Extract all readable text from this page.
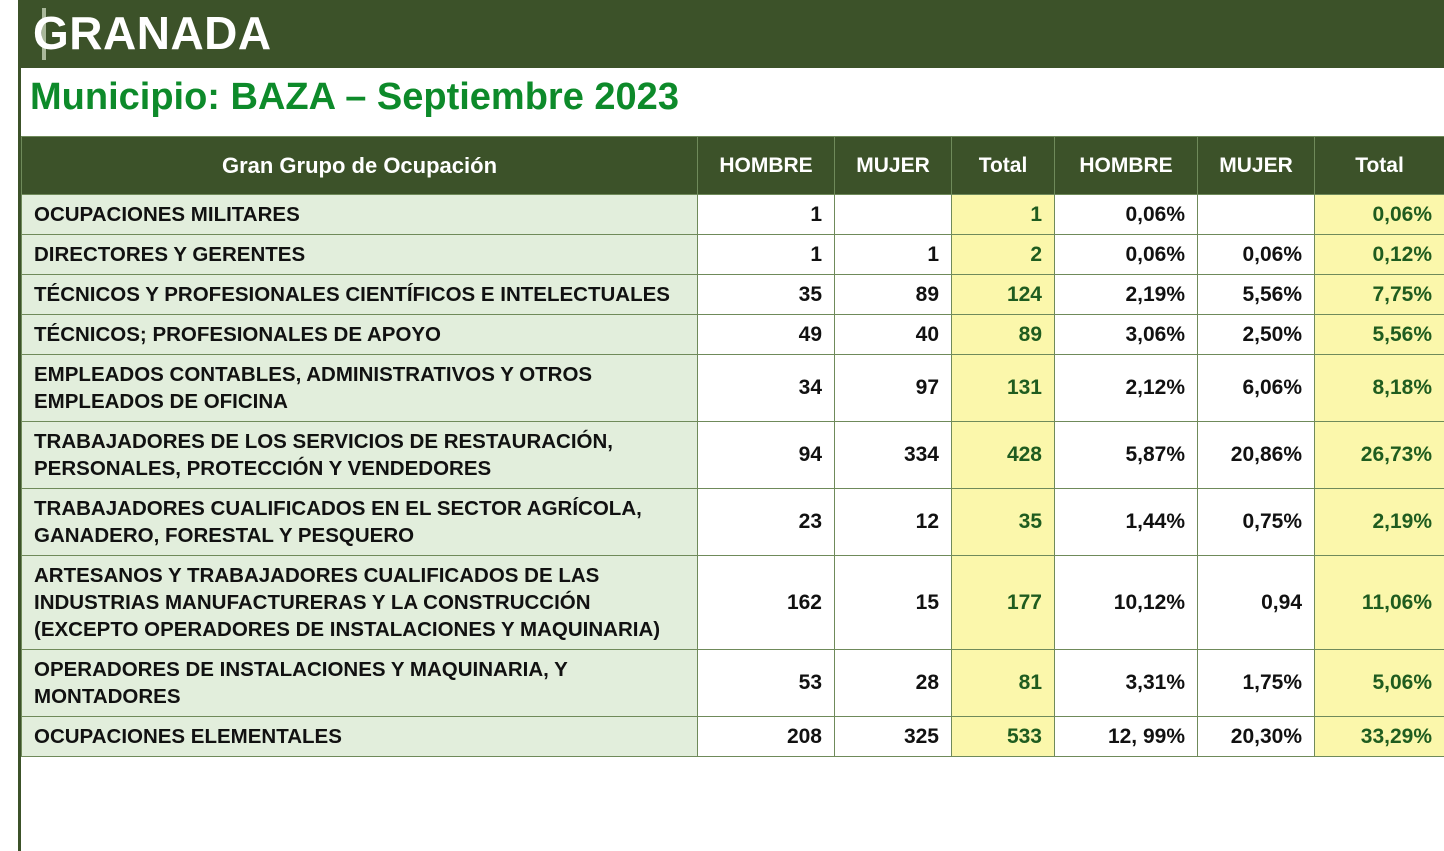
GRANADA
Municipio: BAZA – Septiembre 2023
Gran Grupo de Ocupación	HOMBRE	MUJER	Total	HOMBRE	MUJER	Total
OCUPACIONES MILITARES	1		1	0,06%		0,06%
DIRECTORES Y GERENTES	1	1	2	0,06%	0,06%	0,12%
TÉCNICOS Y PROFESIONALES CIENTÍFICOS E INTELECTUALES	35	89	124	2,19%	5,56%	7,75%
TÉCNICOS; PROFESIONALES DE APOYO	49	40	89	3,06%	2,50%	5,56%
EMPLEADOS CONTABLES, ADMINISTRATIVOS Y OTROS EMPLEADOS DE OFICINA	34	97	131	2,12%	6,06%	8,18%
TRABAJADORES DE LOS SERVICIOS DE RESTAURACIÓN, PERSONALES, PROTECCIÓN Y VENDEDORES	94	334	428	5,87%	20,86%	26,73%
TRABAJADORES CUALIFICADOS EN EL SECTOR AGRÍCOLA, GANADERO, FORESTAL Y PESQUERO	23	12	35	1,44%	0,75%	2,19%
ARTESANOS Y TRABAJADORES CUALIFICADOS DE LAS INDUSTRIAS MANUFACTURERAS Y LA CONSTRUCCIÓN (EXCEPTO OPERADORES DE INSTALACIONES Y MAQUINARIA)	162	15	177	10,12%	0,94	11,06%
OPERADORES DE INSTALACIONES Y MAQUINARIA, Y MONTADORES	53	28	81	3,31%	1,75%	5,06%
OCUPACIONES ELEMENTALES	208	325	533	12, 99%	20,30%	33,29%
